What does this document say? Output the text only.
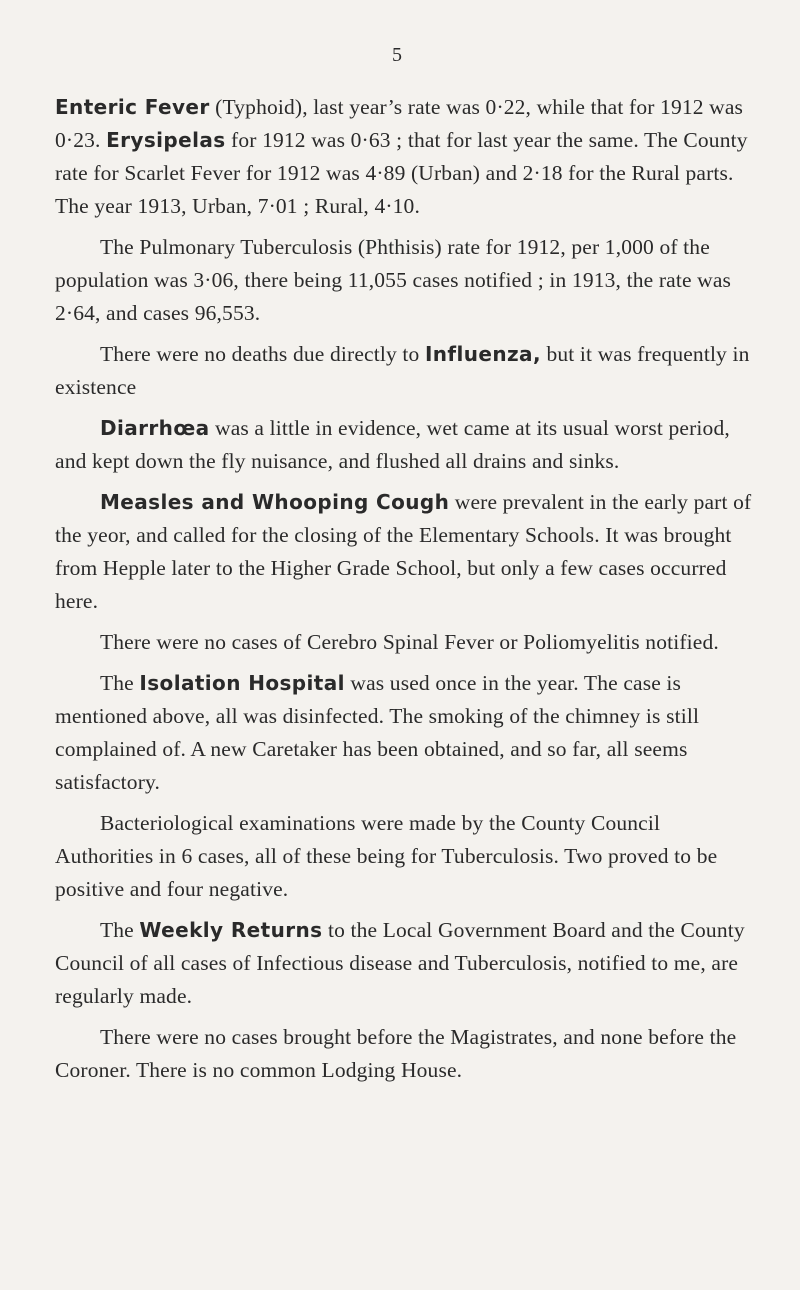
5

Enteric Fever (Typhoid), last year’s rate was 0·22, while that for 1912 was 0·23. Erysipelas for 1912 was 0·63 ; that for last year the same. The County rate for Scarlet Fever for 1912 was 4·89 (Urban) and 2·18 for the Rural parts. The year 1913, Urban, 7·01 ; Rural, 4·10.

The Pulmonary Tuberculosis (Phthisis) rate for 1912, per 1,000 of the population was 3·06, there being 11,055 cases notified ; in 1913, the rate was 2·64, and cases 96,553.

There were no deaths due directly to Influenza, but it was frequently in existence

Diarrhœa was a little in evidence, wet came at its usual worst period, and kept down the fly nuisance, and flushed all drains and sinks.

Measles and Whooping Cough were prevalent in the early part of the yeor, and called for the closing of the Elementary Schools. It was brought from Hepple later to the Higher Grade School, but only a few cases occurred here.

There were no cases of Cerebro Spinal Fever or Poliomyelitis notified.

The Isolation Hospital was used once in the year. The case is mentioned above, all was disinfected. The smoking of the chimney is still complained of. A new Caretaker has been obtained, and so far, all seems satisfactory.

Bacteriological examinations were made by the County Council Authorities in 6 cases, all of these being for Tuberculosis. Two proved to be positive and four negative.

The Weekly Returns to the Local Government Board and the County Council of all cases of Infectious disease and Tuberculosis, notified to me, are regularly made.

There were no cases brought before the Magistrates, and none before the Coroner. There is no common Lodging House.
